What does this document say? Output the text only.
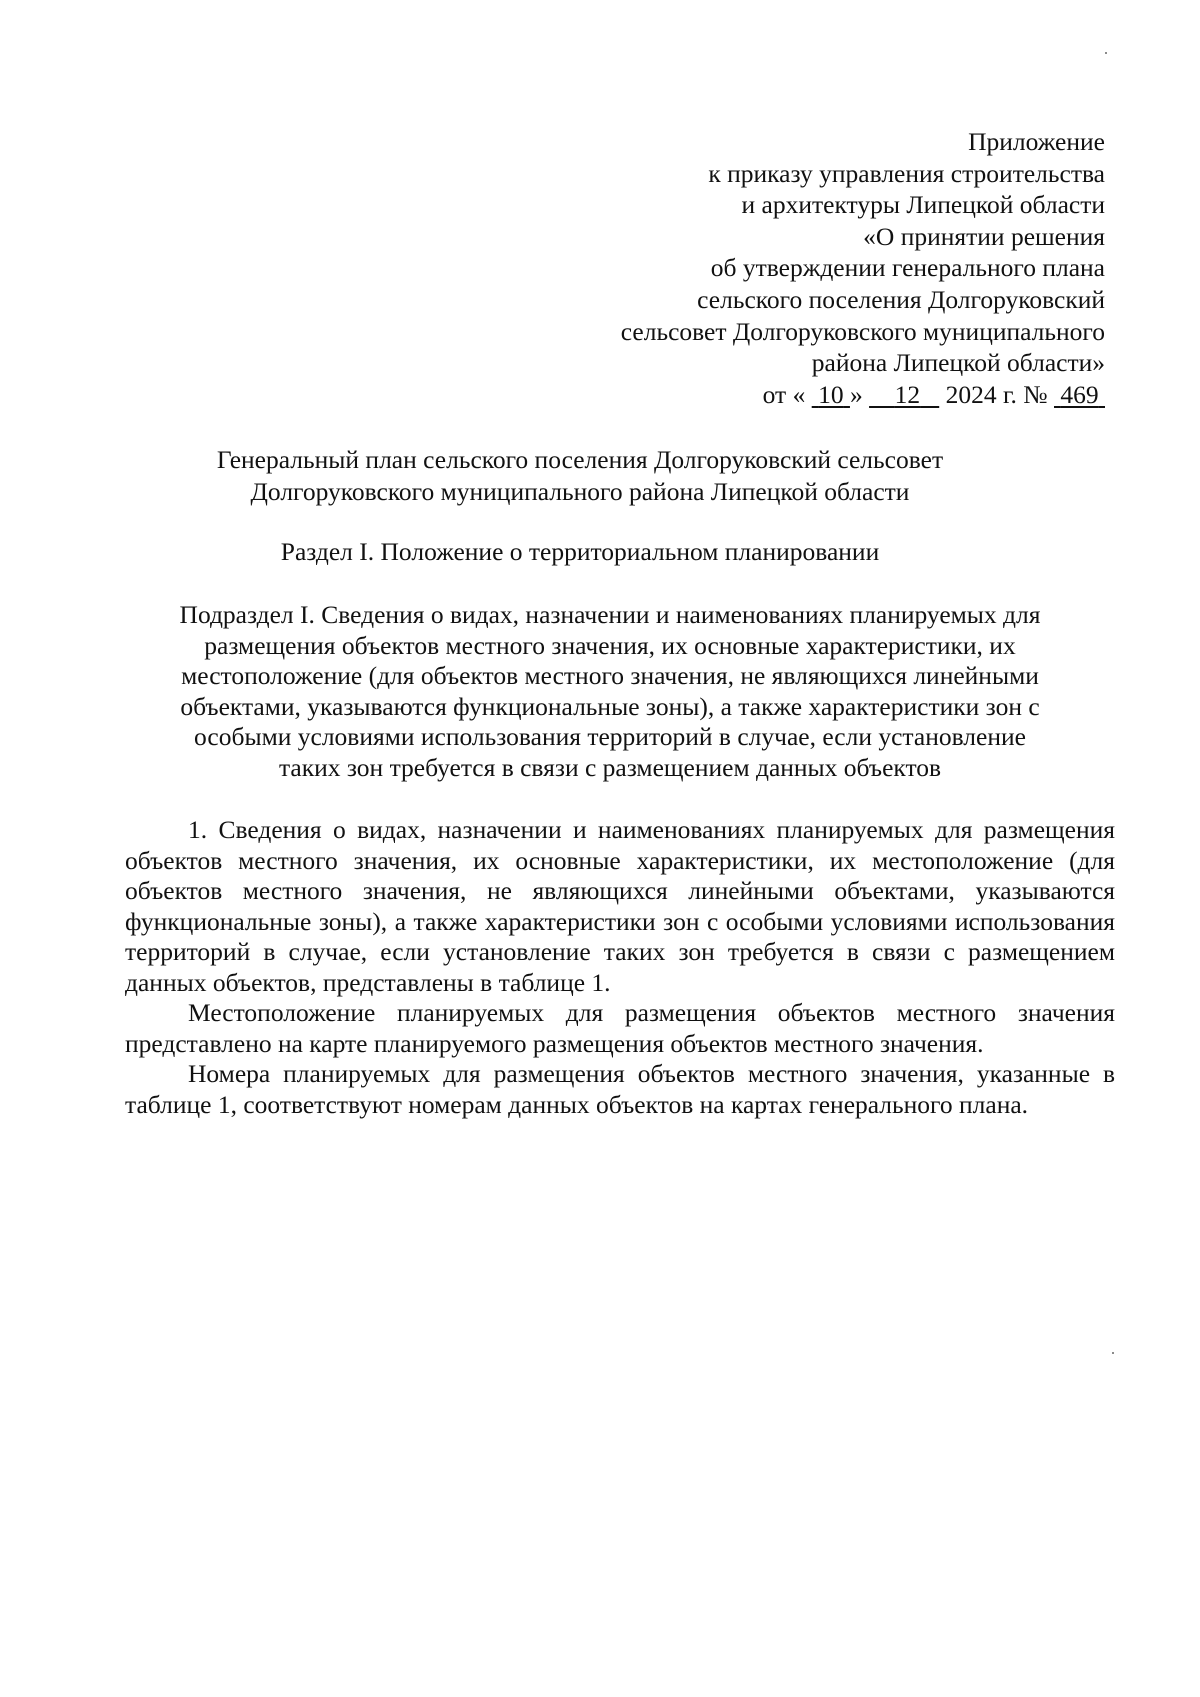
Приложение
к приказу управления строительства
и архитектуры Липецкой области
«О принятии решения
об утверждении генерального плана
сельского поселения Долгоруковский
сельсовет Долгоруковского муниципального
района Липецкой области»
от « 10 » 12 2024 г. № 469
Генеральный план сельского поселения Долгоруковский сельсовет
Долгоруковского муниципального района Липецкой области
Раздел I. Положение о территориальном планировании
Подраздел I. Сведения о видах, назначении и наименованиях планируемых для
размещения объектов местного значения, их основные характеристики, их
местоположение (для объектов местного значения, не являющихся линейными
объектами, указываются функциональные зоны), а также характеристики зон с
особыми условиями использования территорий в случае, если установление
таких зон требуется в связи с размещением данных объектов

1. Сведения о видах, назначении и наименованиях планируемых для размещения объектов местного значения, их основные характеристики, их местоположение (для объектов местного значения, не являющихся линейными объектами, указываются функциональные зоны), а также характеристики зон с особыми условиями использования территорий в случае, если установление таких зон требуется в связи с размещением данных объектов, представлены в таблице 1.

Местоположение планируемых для размещения объектов местного значения представлено на карте планируемого размещения объектов местного значения.

Номера планируемых для размещения объектов местного значения, указанные в таблице 1, соответствуют номерам данных объектов на картах генерального плана.
